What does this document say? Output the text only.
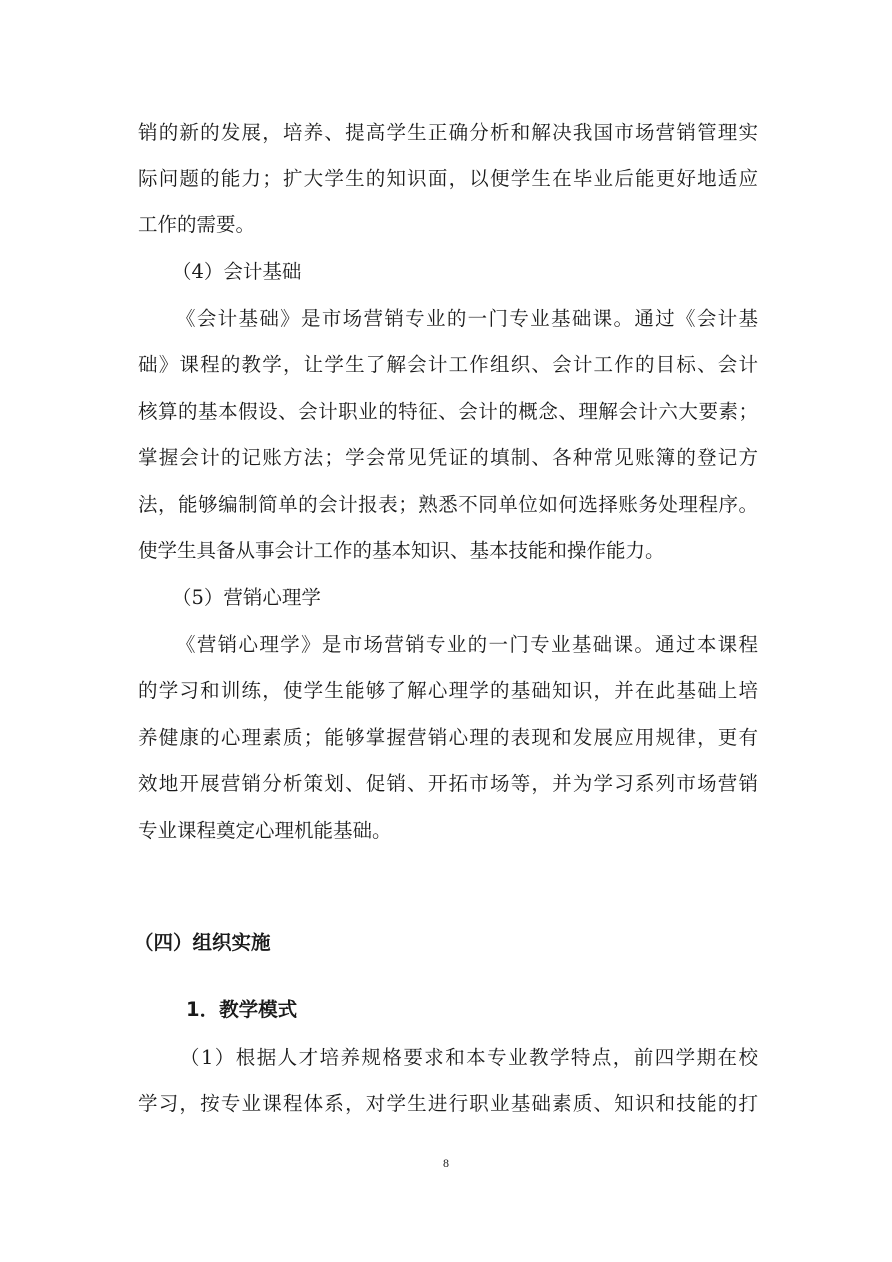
销的新的发展，培养、提高学生正确分析和解决我国市场营销管理实
际问题的能力；扩大学生的知识面，以便学生在毕业后能更好地适应
工作的需要。
（4）会计基础
《会计基础》是市场营销专业的一门专业基础课。通过《会计基
础》课程的教学，让学生了解会计工作组织、会计工作的目标、会计
核算的基本假设、会计职业的特征、会计的概念、理解会计六大要素；
掌握会计的记账方法；学会常见凭证的填制、各种常见账簿的登记方
法，能够编制简单的会计报表；熟悉不同单位如何选择账务处理程序。
使学生具备从事会计工作的基本知识、基本技能和操作能力。
（5）营销心理学
《营销心理学》是市场营销专业的一门专业基础课。通过本课程
的学习和训练，使学生能够了解心理学的基础知识，并在此基础上培
养健康的心理素质；能够掌握营销心理的表现和发展应用规律，更有
效地开展营销分析策划、促销、开拓市场等，并为学习系列市场营销
专业课程奠定心理机能基础。
（四）组织实施
1．教学模式
（1）根据人才培养规格要求和本专业教学特点，前四学期在校
学习，按专业课程体系，对学生进行职业基础素质、知识和技能的打
8
